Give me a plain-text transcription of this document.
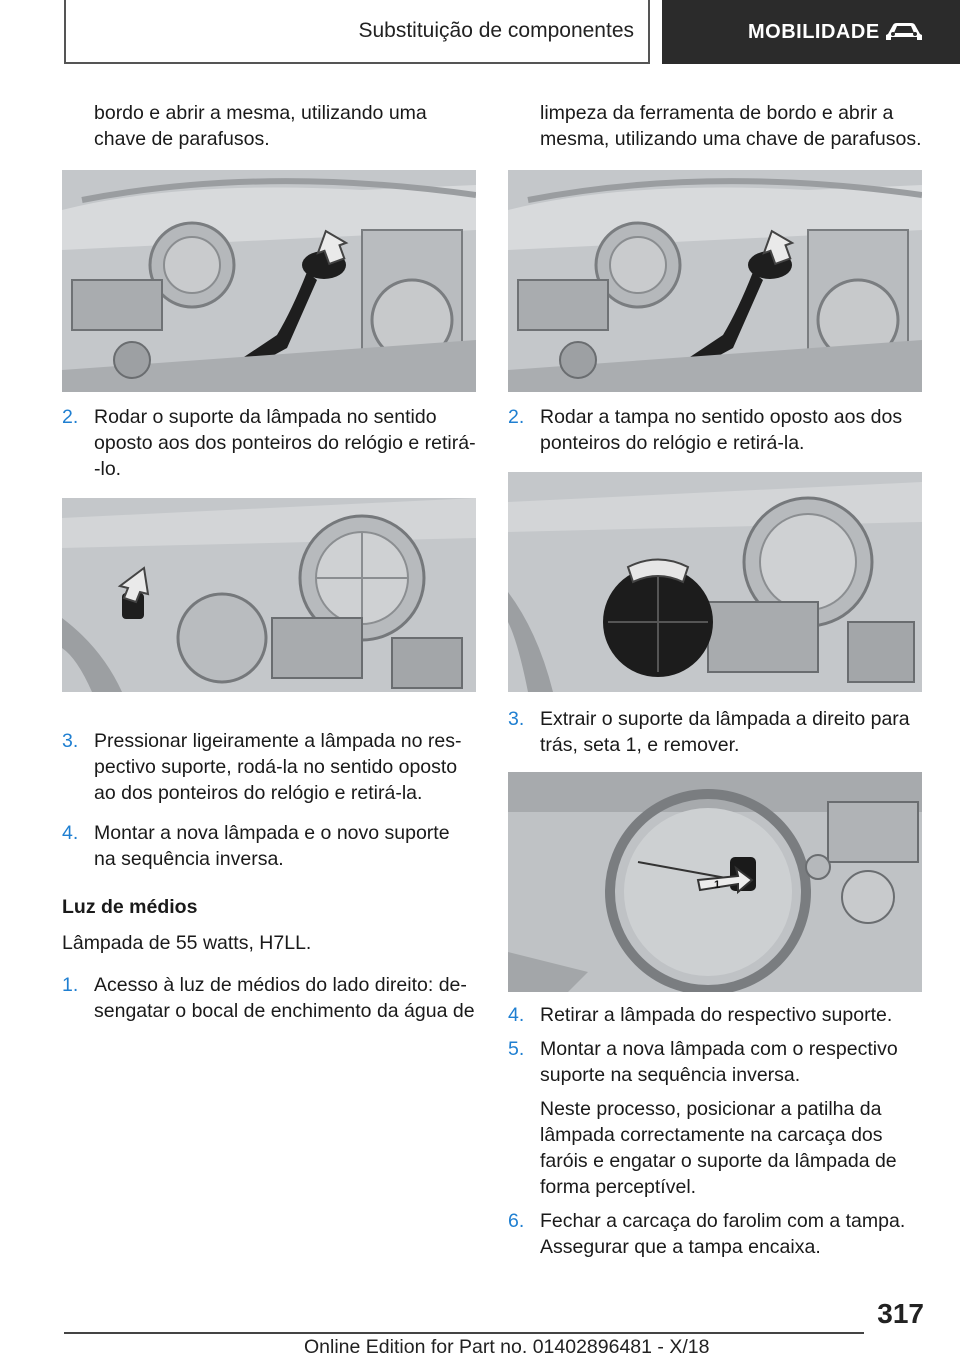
Substituição de componentes	MOBILIDADE

bordo e abrir a mesma, utilizando uma chave de parafusos.

2. Rodar o suporte da lâmpada no sentido oposto aos dos ponteiros do relógio e retirá--lo.
3. Pressionar ligeiramente a lâmpada no respectivo suporte, rodá-la no sentido oposto ao dos ponteiros do relógio e retirá-la.
4. Montar a nova lâmpada e o novo suporte na sequência inversa.
Luz de médios

Lâmpada de 55 watts, H7LL.

1. Acesso à luz de médios do lado direito: desengatar o bocal de enchimento da água de

limpeza da ferramenta de bordo e abrir a mesma, utilizando uma chave de parafusos.

2. Rodar a tampa no sentido oposto aos dos ponteiros do relógio e retirá-la.
3. Extrair o suporte da lâmpada a direito para trás, seta 1, e remover.
1
4. Retirar a lâmpada do respectivo suporte.
5. Montar a nova lâmpada com o respectivo suporte na sequência inversa.

Neste processo, posicionar a patilha da lâmpada correctamente na carcaça dos faróis e engatar o suporte da lâmpada de forma perceptível.

6. Fechar a carcaça do farolim com a tampa. Assegurar que a tampa encaixa.
317
Online Edition for Part no. 01402896481 - X/18
